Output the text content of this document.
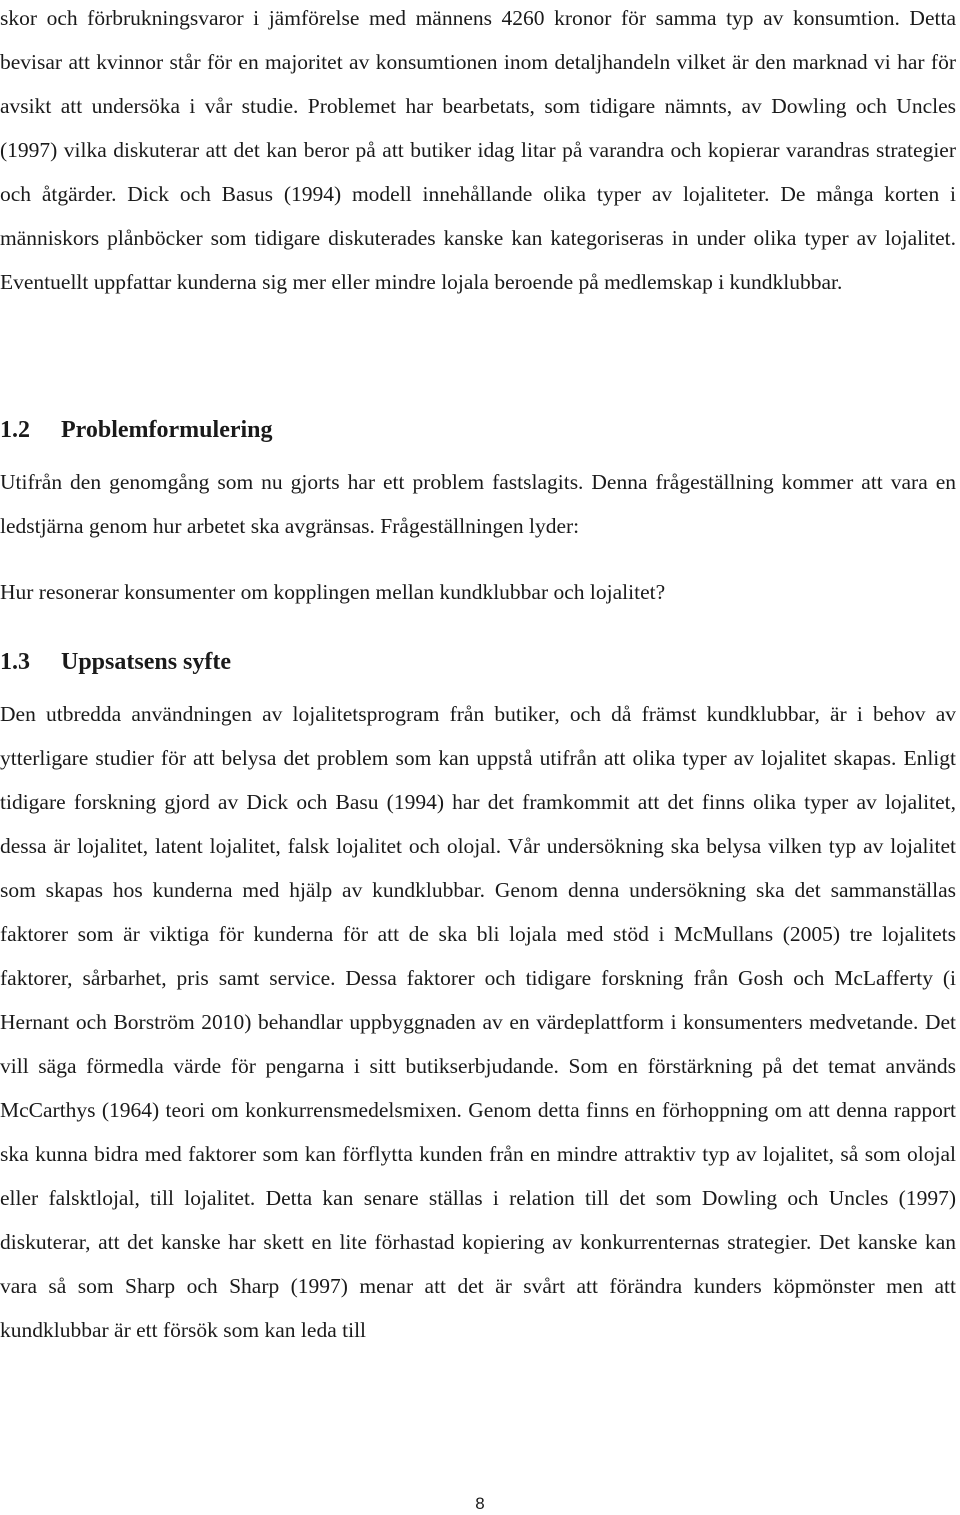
skor och förbrukningsvaror i jämförelse med männens 4260 kronor för samma typ av konsumtion. Detta bevisar att kvinnor står för en majoritet av konsumtionen inom detaljhandeln vilket är den marknad vi har för avsikt att undersöka i vår studie. Problemet har bearbetats, som tidigare nämnts, av Dowling och Uncles (1997) vilka diskuterar att det kan beror på att butiker idag litar på varandra och kopierar varandras strategier och åtgärder. Dick och Basus (1994) modell innehållande olika typer av lojaliteter. De många korten i människors plånböcker som tidigare diskuterades kanske kan kategoriseras in under olika typer av lojalitet. Eventuellt uppfattar kunderna sig mer eller mindre lojala beroende på medlemskap i kundklubbar.

1.2 Problemformulering

Utifrån den genomgång som nu gjorts har ett problem fastslagits. Denna frågeställning kommer att vara en ledstjärna genom hur arbetet ska avgränsas. Frågeställningen lyder:

Hur resonerar konsumenter om kopplingen mellan kundklubbar och lojalitet?

1.3 Uppsatsens syfte

Den utbredda användningen av lojalitetsprogram från butiker, och då främst kundklubbar, är i behov av ytterligare studier för att belysa det problem som kan uppstå utifrån att olika typer av lojalitet skapas. Enligt tidigare forskning gjord av Dick och Basu (1994) har det framkommit att det finns olika typer av lojalitet, dessa är lojalitet, latent lojalitet, falsk lojalitet och olojal. Vår undersökning ska belysa vilken typ av lojalitet som skapas hos kunderna med hjälp av kundklubbar. Genom denna undersökning ska det sammanställas faktorer som är viktiga för kunderna för att de ska bli lojala med stöd i McMullans (2005) tre lojalitets faktorer, sårbarhet, pris samt service. Dessa faktorer och tidigare forskning från Gosh och McLafferty (i Hernant och Borström 2010) behandlar uppbyggnaden av en värdeplattform i konsumenters medvetande. Det vill säga förmedla värde för pengarna i sitt butikserbjudande. Som en förstärkning på det temat används McCarthys (1964) teori om konkurrensmedelsmixen. Genom detta finns en förhoppning om att denna rapport ska kunna bidra med faktorer som kan förflytta kunden från en mindre attraktiv typ av lojalitet, så som olojal eller falsktlojal, till lojalitet. Detta kan senare ställas i relation till det som Dowling och Uncles (1997) diskuterar, att det kanske har skett en lite förhastad kopiering av konkurrenternas strategier. Det kanske kan vara så som Sharp och Sharp (1997) menar att det är svårt att förändra kunders köpmönster men att kundklubbar är ett försök som kan leda till

8
